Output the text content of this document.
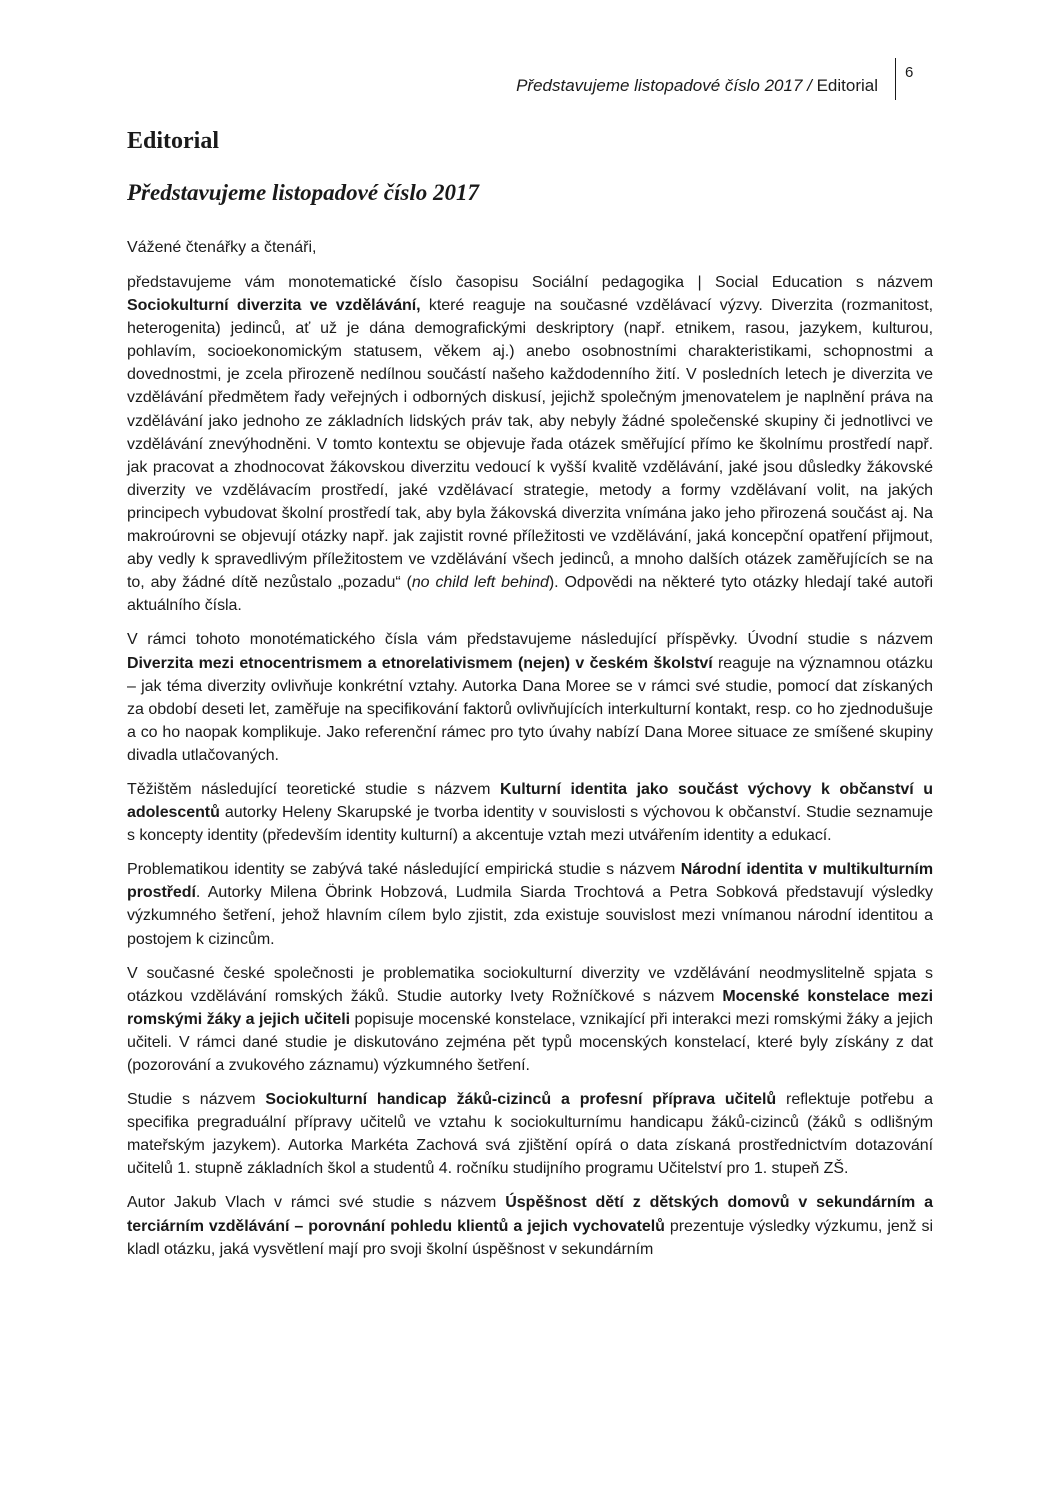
Představujeme listopadové číslo 2017 / Editorial
6
Editorial
Představujeme listopadové číslo 2017

Vážené čtenářky a čtenáři,

představujeme vám monotematické číslo časopisu Sociální pedagogika | Social Education s názvem Sociokulturní diverzita ve vzdělávání, které reaguje na současné vzdělávací výzvy. Diverzita (rozmanitost, heterogenita) jedinců, ať už je dána demografickými deskriptory (např. etnikem, rasou, jazykem, kulturou, pohlavím, socioekonomickým statusem, věkem aj.) anebo osobnostními charakteristikami, schopnostmi a dovednostmi, je zcela přirozeně nedílnou součástí našeho každodenního žití. V posledních letech je diverzita ve vzdělávání předmětem řady veřejných i odborných diskusí, jejichž společným jmenovatelem je naplnění práva na vzdělávání jako jednoho ze základních lidských práv tak, aby nebyly žádné společenské skupiny či jednotlivci ve vzdělávání znevýhodněni. V tomto kontextu se objevuje řada otázek směřující přímo ke školnímu prostředí např. jak pracovat a zhodnocovat žákovskou diverzitu vedoucí k vyšší kvalitě vzdělávání, jaké jsou důsledky žákovské diverzity ve vzdělávacím prostředí, jaké vzdělávací strategie, metody a formy vzdělávaní volit, na jakých principech vybudovat školní prostředí tak, aby byla žákovská diverzita vnímána jako jeho přirozená součást aj. Na makroúrovni se objevují otázky např. jak zajistit rovné příležitosti ve vzdělávání, jaká koncepční opatření přijmout, aby vedly k spravedlivým příležitostem ve vzdělávání všech jedinců, a mnoho dalších otázek zaměřujících se na to, aby žádné dítě nezůstalo „pozadu“ (no child left behind). Odpovědi na některé tyto otázky hledají také autoři aktuálního čísla.

V rámci tohoto monotématického čísla vám představujeme následující příspěvky. Úvodní studie s názvem Diverzita mezi etnocentrismem a etnorelativismem (nejen) v českém školství reaguje na významnou otázku – jak téma diverzity ovlivňuje konkrétní vztahy. Autorka Dana Moree se v rámci své studie, pomocí dat získaných za období deseti let, zaměřuje na specifikování faktorů ovlivňujících interkulturní kontakt, resp. co ho zjednodušuje a co ho naopak komplikuje. Jako referenční rámec pro tyto úvahy nabízí Dana Moree situace ze smíšené skupiny divadla utlačovaných.

Těžištěm následující teoretické studie s názvem Kulturní identita jako součást výchovy k občanství u adolescentů autorky Heleny Skarupské je tvorba identity v souvislosti s výchovou k občanství. Studie seznamuje s koncepty identity (především identity kulturní) a akcentuje vztah mezi utvářením identity a edukací.

Problematikou identity se zabývá také následující empirická studie s názvem Národní identita v multikulturním prostředí. Autorky Milena Öbrink Hobzová, Ludmila Siarda Trochtová a Petra Sobková představují výsledky výzkumného šetření, jehož hlavním cílem bylo zjistit, zda existuje souvislost mezi vnímanou národní identitou a postojem k cizincům.

V současné české společnosti je problematika sociokulturní diverzity ve vzdělávání neodmyslitelně spjata s otázkou vzdělávání romských žáků. Studie autorky Ivety Rožníčkové s názvem Mocenské konstelace mezi romskými žáky a jejich učiteli popisuje mocenské konstelace, vznikající při interakci mezi romskými žáky a jejich učiteli. V rámci dané studie je diskutováno zejména pět typů mocenských konstelací, které byly získány z dat (pozorování a zvukového záznamu) výzkumného šetření.

Studie s názvem Sociokulturní handicap žáků-cizinců a profesní příprava učitelů reflektuje potřebu a specifika pregraduální přípravy učitelů ve vztahu k sociokulturnímu handicapu žáků-cizinců (žáků s odlišným mateřským jazykem). Autorka Markéta Zachová svá zjištění opírá o data získaná prostřednictvím dotazování učitelů 1. stupně základních škol a studentů 4. ročníku studijního programu Učitelství pro 1. stupeň ZŠ.

Autor Jakub Vlach v rámci své studie s názvem Úspěšnost dětí z dětských domovů v sekundárním a terciárním vzdělávání – porovnání pohledu klientů a jejich vychovatelů prezentuje výsledky výzkumu, jenž si kladl otázku, jaká vysvětlení mají pro svoji školní úspěšnost v sekundárním
